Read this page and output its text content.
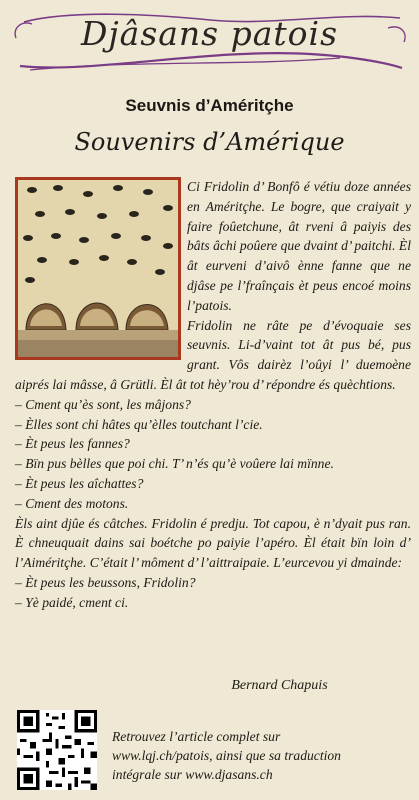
Djâsans patois
Seuvnis d’Améritçhe
Souvenirs d’Amérique

Ci Fridolin d’ Bonfô é vétiu doze années en Améritçhe. Le bogre, que craiyait y faire foûetchune, ât rveni â paiyis des bâts âchi poûere que dvaint d’ paitchi. Èl ât eurveni d’aivô ènne fanne que ne djâse pe l’fraînçais èt peus encoé moins l’patois.

Fridolin ne râte pe d’évoquaie ses seuvnis. Li-d’vaint tot ât pus bé, pus grant. Vôs dairèz l’oûyi l’ duemoène aiprés lai mâsse, â Grütli. Èl ât tot hèy’rou d’ répondre és quèchtions.

– Cment qu’ès sont, les mâjons?

– Èlles sont chi hâtes qu’èlles toutchant l’cie.

– Èt peus les fannes?

– Bïn pus bèlles que poi chi. T’ n’és qu’è voûere lai mïnne.

– Èt peus les aîchattes?

– Cment des motons.

Èls aint djûe és câtches. Fridolin é predju. Tot capou, è n’dyait pus ran. È chneuquait dains sai boétche po paiyie l’apéro. Èl était bïn loin d’ l’Aiméritçhe. C’était l’ môment d’ l’aittraipaie. L’eurcevou yi dmainde:

– Èt peus les beussons, Fridolin?

– Yè paidé, cment ci.

Bernard Chapuis
Retrouvez l’article complet sur
www.lqj.ch/patois, ainsi que sa traduction
intégrale sur www.djasans.ch
